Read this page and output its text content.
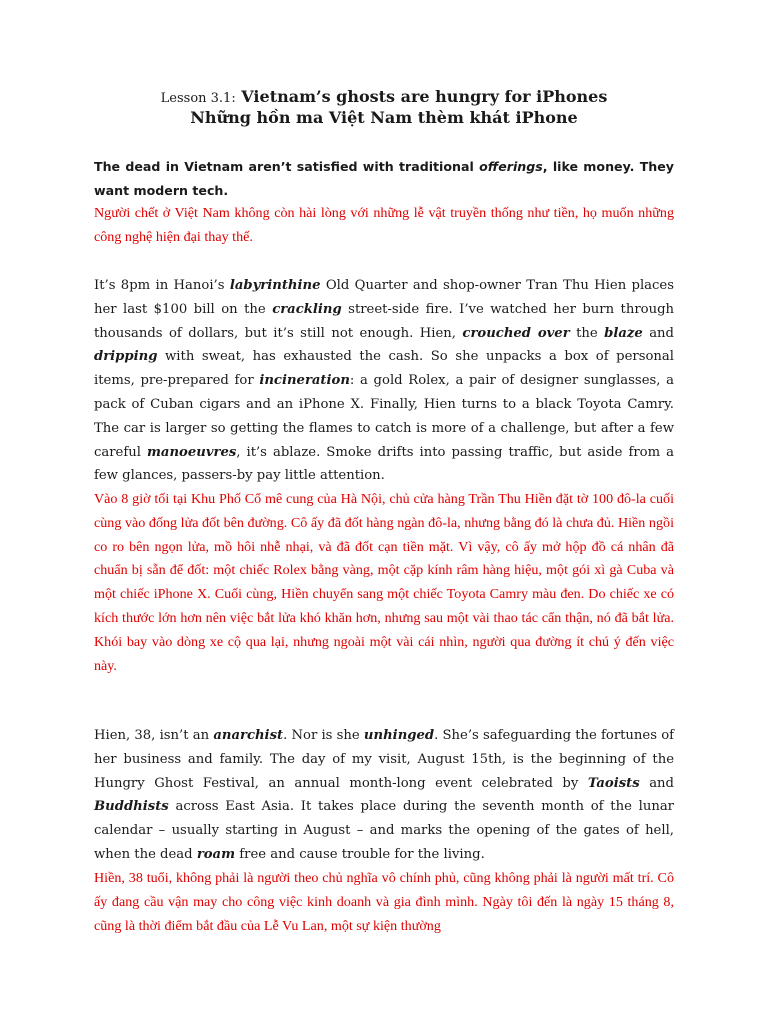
Lesson 3.1: Vietnam’s ghosts are hungry for iPhones
Những hồn ma Việt Nam thèm khát iPhone
The dead in Vietnam aren’t satisfied with traditional offerings, like money. They want modern tech.
Người chết ở Việt Nam không còn hài lòng với những lễ vật truyền thống như tiền, họ muốn những công nghệ hiện đại thay thế.
It’s 8pm in Hanoi’s labyrinthine Old Quarter and shop-owner Tran Thu Hien places her last $100 bill on the crackling street-side fire. I’ve watched her burn through thousands of dollars, but it’s still not enough. Hien, crouched over the blaze and dripping with sweat, has exhausted the cash. So she unpacks a box of personal items, pre-prepared for incineration: a gold Rolex, a pair of designer sunglasses, a pack of Cuban cigars and an iPhone X. Finally, Hien turns to a black Toyota Camry. The car is larger so getting the flames to catch is more of a challenge, but after a few careful manoeuvres, it’s ablaze. Smoke drifts into passing traffic, but aside from a few glances, passers-by pay little attention.
Vào 8 giờ tối tại Khu Phố Cổ mê cung của Hà Nội, chủ cửa hàng Trần Thu Hiền đặt tờ 100 đô-la cuối cùng vào đống lửa đốt bên đường. Cô ấy đã đốt hàng ngàn đô-la, nhưng bằng đó là chưa đủ. Hiền ngồi co ro bên ngọn lửa, mồ hôi nhễ nhại, và đã đốt cạn tiền mặt. Vì vậy, cô ấy mở hộp đồ cá nhân đã chuẩn bị sẵn để đốt: một chiếc Rolex bằng vàng, một cặp kính râm hàng hiệu, một gói xì gà Cuba và một chiếc iPhone X. Cuối cùng, Hiền chuyển sang một chiếc Toyota Camry màu đen. Do chiếc xe có kích thước lớn hơn nên việc bắt lửa khó khăn hơn, nhưng sau một vài thao tác cẩn thận, nó đã bắt lửa. Khói bay vào dòng xe cộ qua lại, nhưng ngoài một vài cái nhìn, người qua đường ít chú ý đến việc này.
Hien, 38, isn’t an anarchist. Nor is she unhinged. She’s safeguarding the fortunes of her business and family. The day of my visit, August 15th, is the beginning of the Hungry Ghost Festival, an annual month-long event celebrated by Taoists and Buddhists across East Asia. It takes place during the seventh month of the lunar calendar – usually starting in August – and marks the opening of the gates of hell, when the dead roam free and cause trouble for the living.
Hiền, 38 tuổi, không phải là người theo chủ nghĩa vô chính phủ, cũng không phải là người mất trí. Cô ấy đang cầu vận may cho công việc kinh doanh và gia đình mình. Ngày tôi đến là ngày 15 tháng 8, cũng là thời điểm bắt đầu của Lễ Vu Lan, một sự kiện thường
